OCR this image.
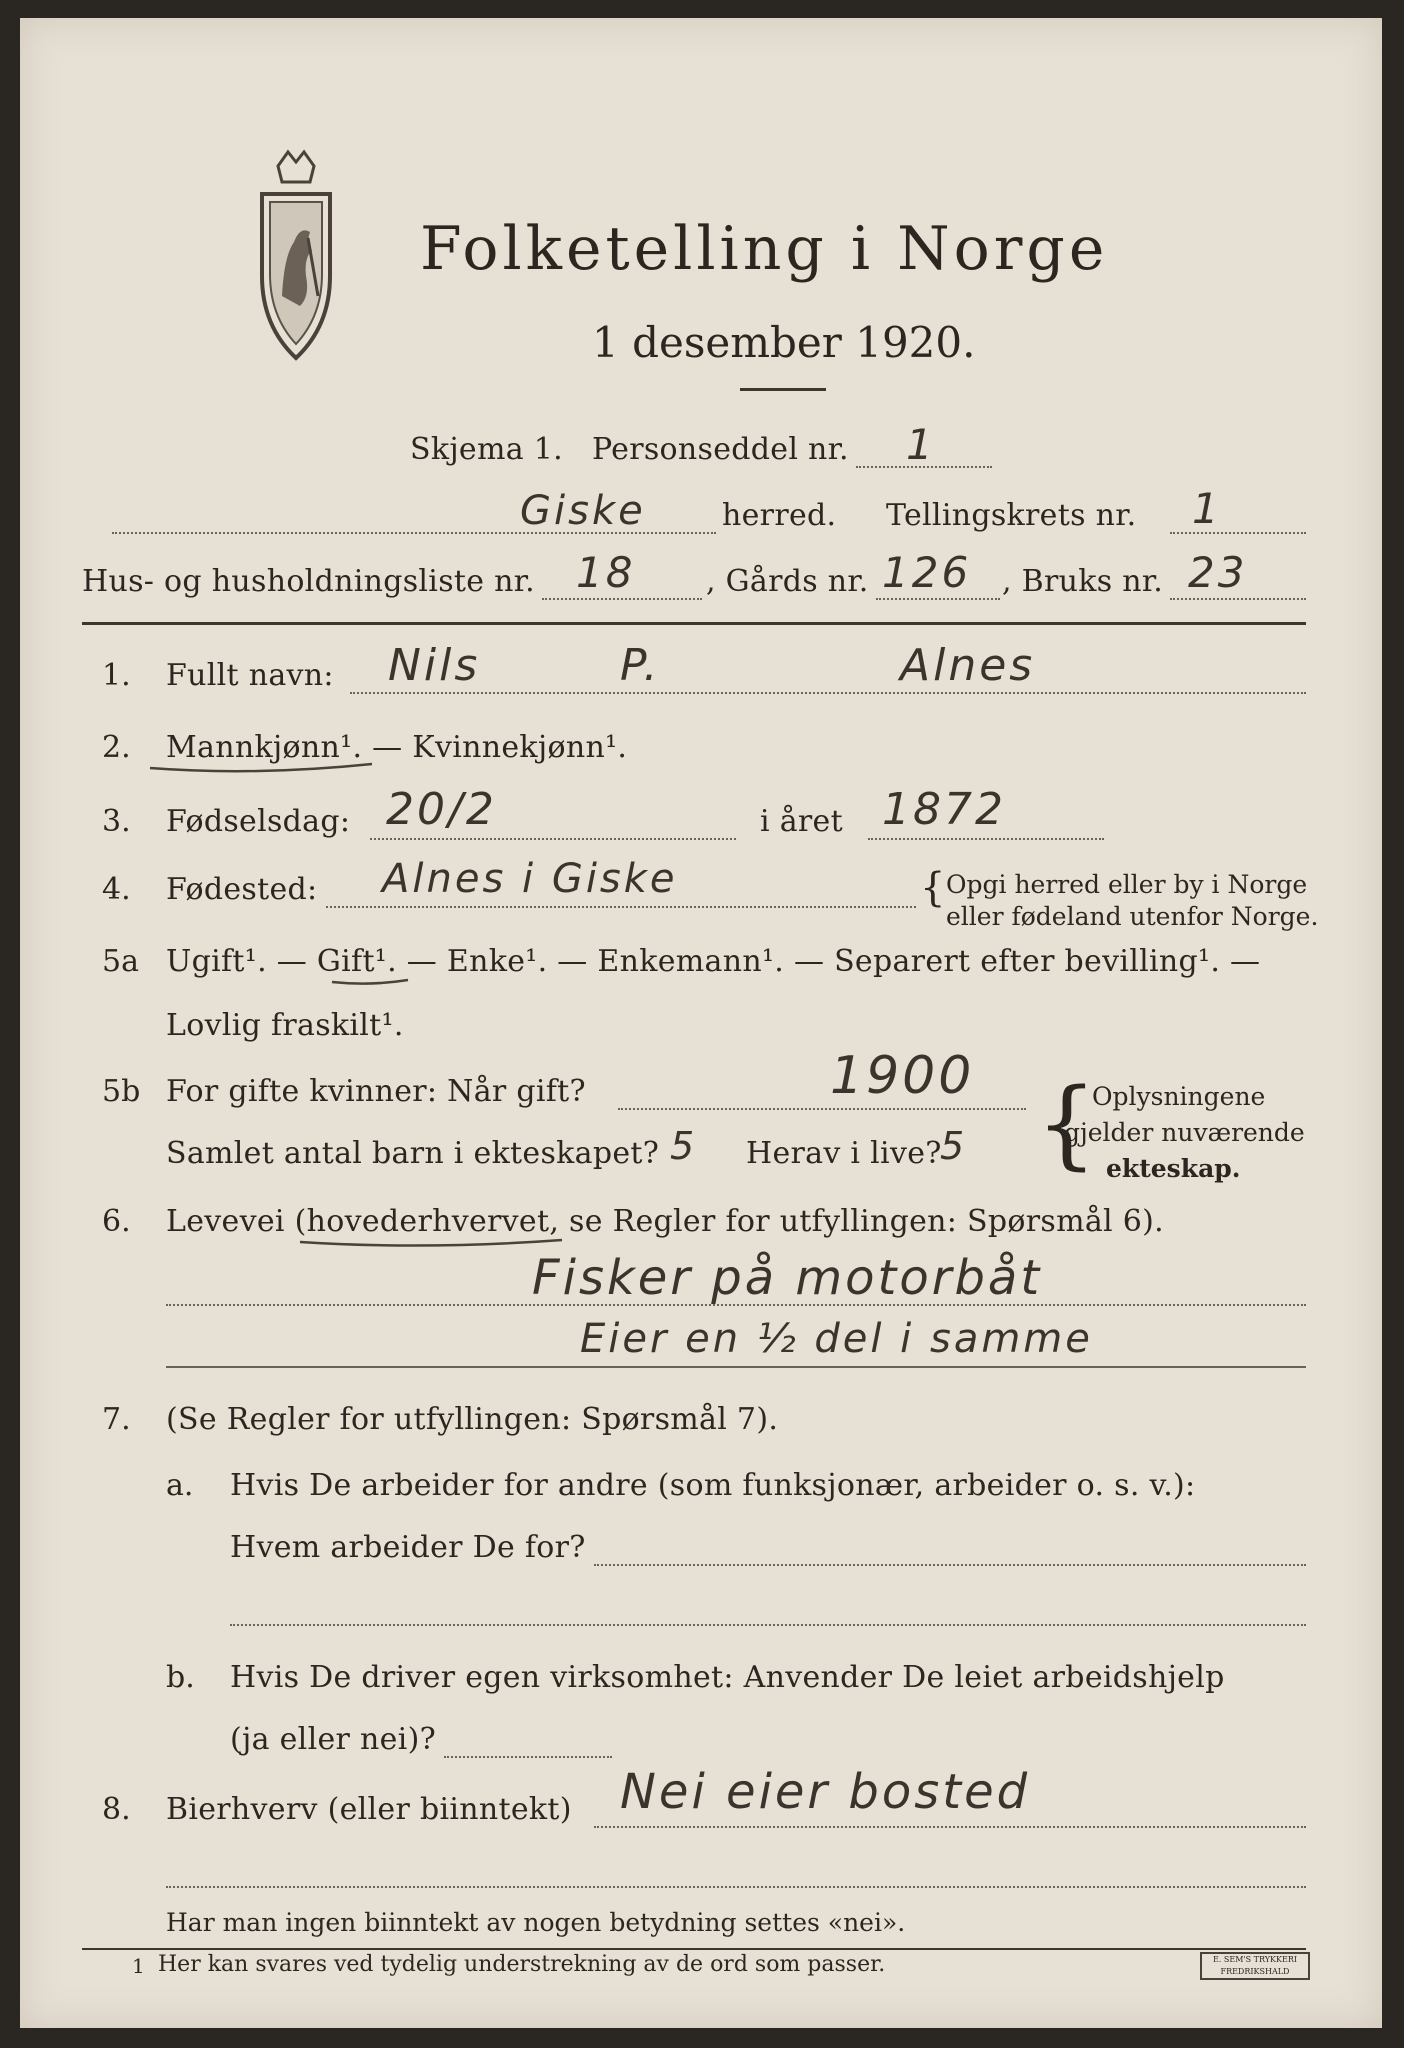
Folketelling i Norge
1 desember 1920.
Skjema 1. Personseddel nr. 1
Giske	herred. Tellingskrets nr. 1
Hus- og husholdningsliste nr. 18 , Gårds nr. 126 , Bruks nr. 23
1. Fullt navn: Nils	P.	Alnes
2. Mannkjønn¹. — Kvinnekjønn¹.
3. Fødselsdag: 20/2	i året 1872
4. Fødested: Alnes i Giske	{ Opgi herred eller by i Norge
eller fødeland utenfor Norge.
5a Ugift¹. — Gift¹. — Enke¹. — Enkemann¹. — Separert efter bevilling¹. —
Lovlig fraskilt¹.
5b For gifte kvinner: Når gift?	1900
Samlet antal barn i ekteskapet? 5 Herav i live?
5 {
Oplysningene
gjelder nuværende
ekteskap.
6. Levevei (hovederhvervet, se Regler for utfyllingen: Spørsmål 6).
Fisker på motorbåt
Eier en ½ del i samme
7. (Se Regler for utfyllingen: Spørsmål 7).
a. Hvis De arbeider for andre (som funksjonær, arbeider o. s. v.):
Hvem arbeider De for?
b. Hvis De driver egen virksomhet: Anvender De leiet arbeidshjelp
(ja eller nei)?
8. Bierhverv (eller biinntekt) Nei eier bosted
Har man ingen biinntekt av nogen betydning settes «nei».
1 Her kan svares ved tydelig understrekning av de ord som passer.	E. SEM'S TRYKKERI FREDRIKSHALD
